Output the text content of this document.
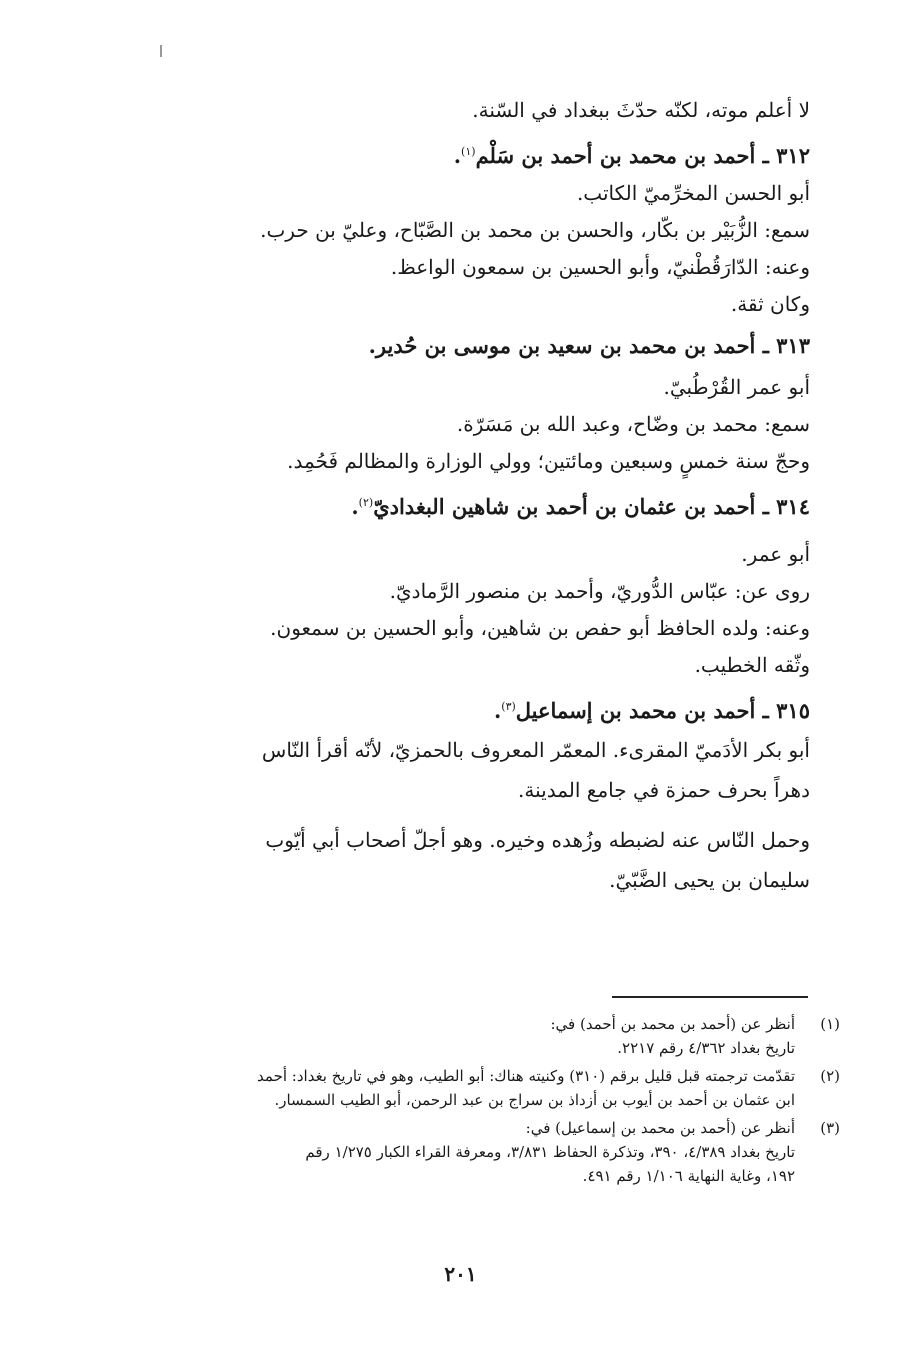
لا أعلم موته، لكنّه حدّثَ ببغداد في السّنة.
٣١٢ ـ أحمد بن محمد بن أحمد بن سَلْم$^{(١)}$.
أبو الحسن المخرِّميّ الكاتب.
سمع: الزُّبَيْر بن بكّار، والحسن بن محمد بن الصَّبّاح، وعليّ بن حرب.
وعنه: الدّارَقُطْنيّ، وأبو الحسين بن سمعون الواعظ.
وكان ثقة.
٣١٣ ـ أحمد بن محمد بن سعيد بن موسى بن حُدير.
أبو عمر القُرْطُبيّ.
سمع: محمد بن وضّاح، وعبد الله بن مَسَرّة.
وحجّ سنة خمسٍ وسبعين ومائتين؛ وولي الوزارة والمظالم فَحُمِد.
٣١٤ ـ أحمد بن عثمان بن أحمد بن شاهين البغداديّ$^{(٢)}$.
أبو عمر.
روى عن: عبّاس الدُّوريّ، وأحمد بن منصور الرَّماديّ.
وعنه: ولده الحافظ أبو حفص بن شاهين، وأبو الحسين بن سمعون.
وثّقه الخطيب.
٣١٥ ـ أحمد بن محمد بن إسماعيل$^{(٣)}$.
أبو بكر الأدَميّ المقرىء. المعمّر المعروف بالحمزيّ، لأنّه أقرأ النّاس
دهراً بحرف حمزة في جامع المدينة.
وحمل النّاس عنه لضبطه وزُهده وخيره. وهو أجلّ أصحاب أبي أيّوب
سليمان بن يحيى الضَّبّيّ.
(١)
أنظر عن (أحمد بن محمد بن أحمد) في:
تاريخ بغداد ٤/٣٦٢ رقم ٢٢١٧.
(٢)
تقدّمت ترجمته قبل قليل برقم (٣١٠) وكنيته هناك: أبو الطيب، وهو في تاريخ بغداد: أحمد
ابن عثمان بن أحمد بن أيوب بن أزداذ بن سراج بن عبد الرحمن، أبو الطيب السمسار.
(٣)
أنظر عن (أحمد بن محمد بن إسماعيل) في:
تاريخ بغداد ٤/٣٨٩، ٣٩٠، وتذكرة الحفاظ ٣/٨٣١، ومعرفة القراء الكبار ١/٢٧٥ رقم
١٩٢، وغاية النهاية ١/١٠٦ رقم ٤٩١.
٢٠١
